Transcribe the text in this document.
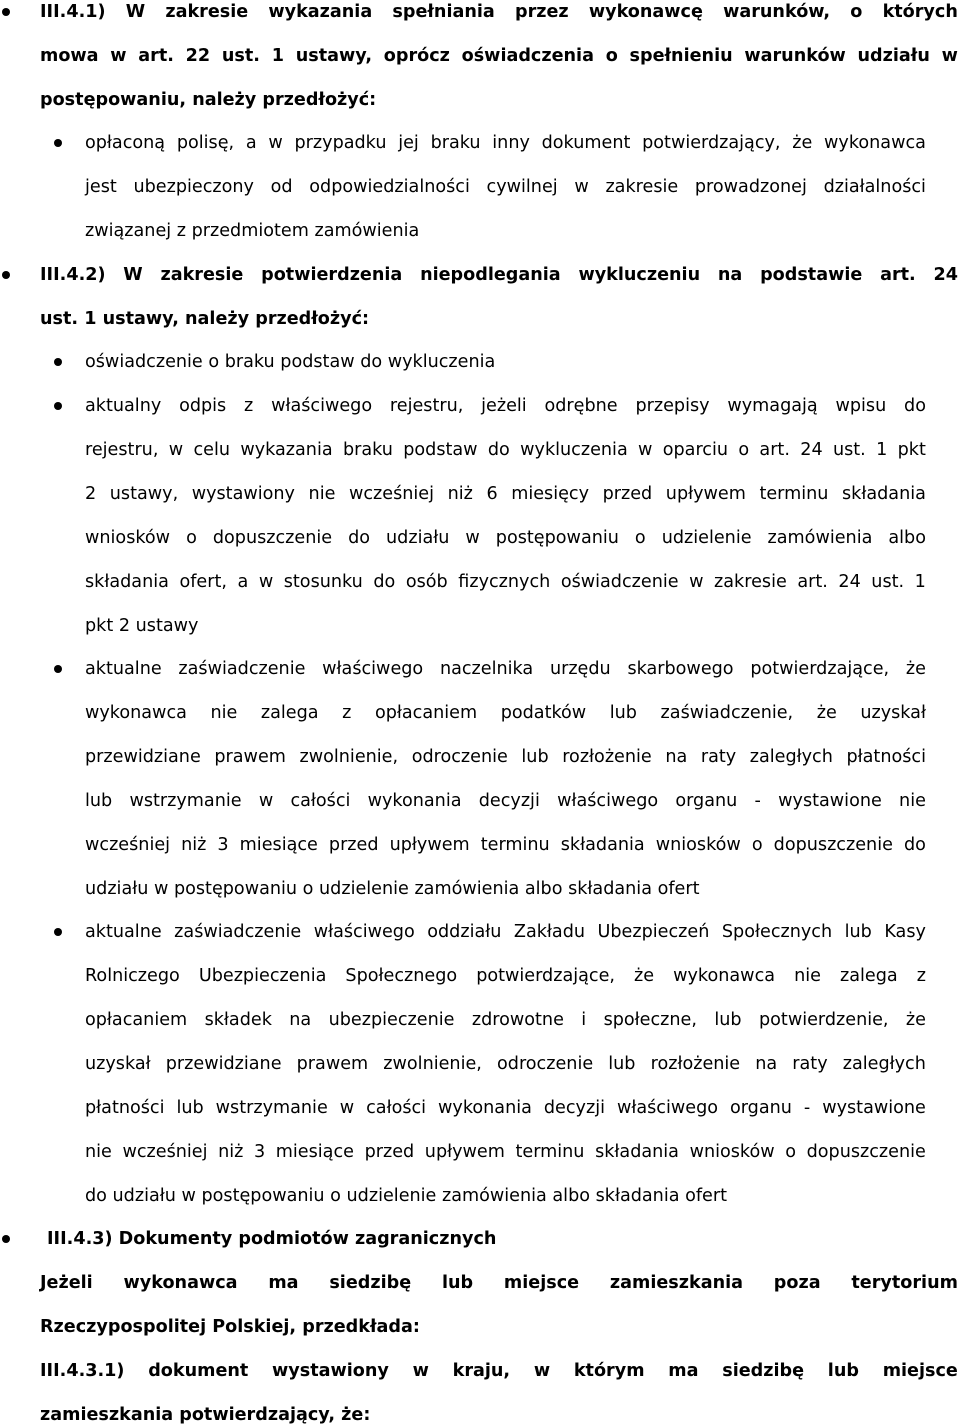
III.4.1) W zakresie wykazania spełniania przez wykonawcę warunków, o których
mowa w art. 22 ust. 1 ustawy, oprócz oświadczenia o spełnieniu warunków udziału w
postępowaniu, należy przedłożyć:
opłaconą polisę, a w przypadku jej braku inny dokument potwierdzający, że wykonawca
jest ubezpieczony od odpowiedzialności cywilnej w zakresie prowadzonej działalności
związanej z przedmiotem zamówienia
III.4.2) W zakresie potwierdzenia niepodlegania wykluczeniu na podstawie art. 24
ust. 1 ustawy, należy przedłożyć:
oświadczenie o braku podstaw do wykluczenia
aktualny odpis z właściwego rejestru, jeżeli odrębne przepisy wymagają wpisu do
rejestru, w celu wykazania braku podstaw do wykluczenia w oparciu o art. 24 ust. 1 pkt
2 ustawy, wystawiony nie wcześniej niż 6 miesięcy przed upływem terminu składania
wniosków o dopuszczenie do udziału w postępowaniu o udzielenie zamówienia albo
składania ofert, a w stosunku do osób fizycznych oświadczenie w zakresie art. 24 ust. 1
pkt 2 ustawy
aktualne zaświadczenie właściwego naczelnika urzędu skarbowego potwierdzające, że
wykonawca nie zalega z opłacaniem podatków lub zaświadczenie, że uzyskał
przewidziane prawem zwolnienie, odroczenie lub rozłożenie na raty zaległych płatności
lub wstrzymanie w całości wykonania decyzji właściwego organu - wystawione nie
wcześniej niż 3 miesiące przed upływem terminu składania wniosków o dopuszczenie do
udziału w postępowaniu o udzielenie zamówienia albo składania ofert
aktualne zaświadczenie właściwego oddziału Zakładu Ubezpieczeń Społecznych lub Kasy
Rolniczego Ubezpieczenia Społecznego potwierdzające, że wykonawca nie zalega z
opłacaniem składek na ubezpieczenie zdrowotne i społeczne, lub potwierdzenie, że
uzyskał przewidziane prawem zwolnienie, odroczenie lub rozłożenie na raty zaległych
płatności lub wstrzymanie w całości wykonania decyzji właściwego organu - wystawione
nie wcześniej niż 3 miesiące przed upływem terminu składania wniosków o dopuszczenie
do udziału w postępowaniu o udzielenie zamówienia albo składania ofert
III.4.3) Dokumenty podmiotów zagranicznych
Jeżeli wykonawca ma siedzibę lub miejsce zamieszkania poza terytorium
Rzeczypospolitej Polskiej, przedkłada:
III.4.3.1) dokument wystawiony w kraju, w którym ma siedzibę lub miejsce
zamieszkania potwierdzający, że:
